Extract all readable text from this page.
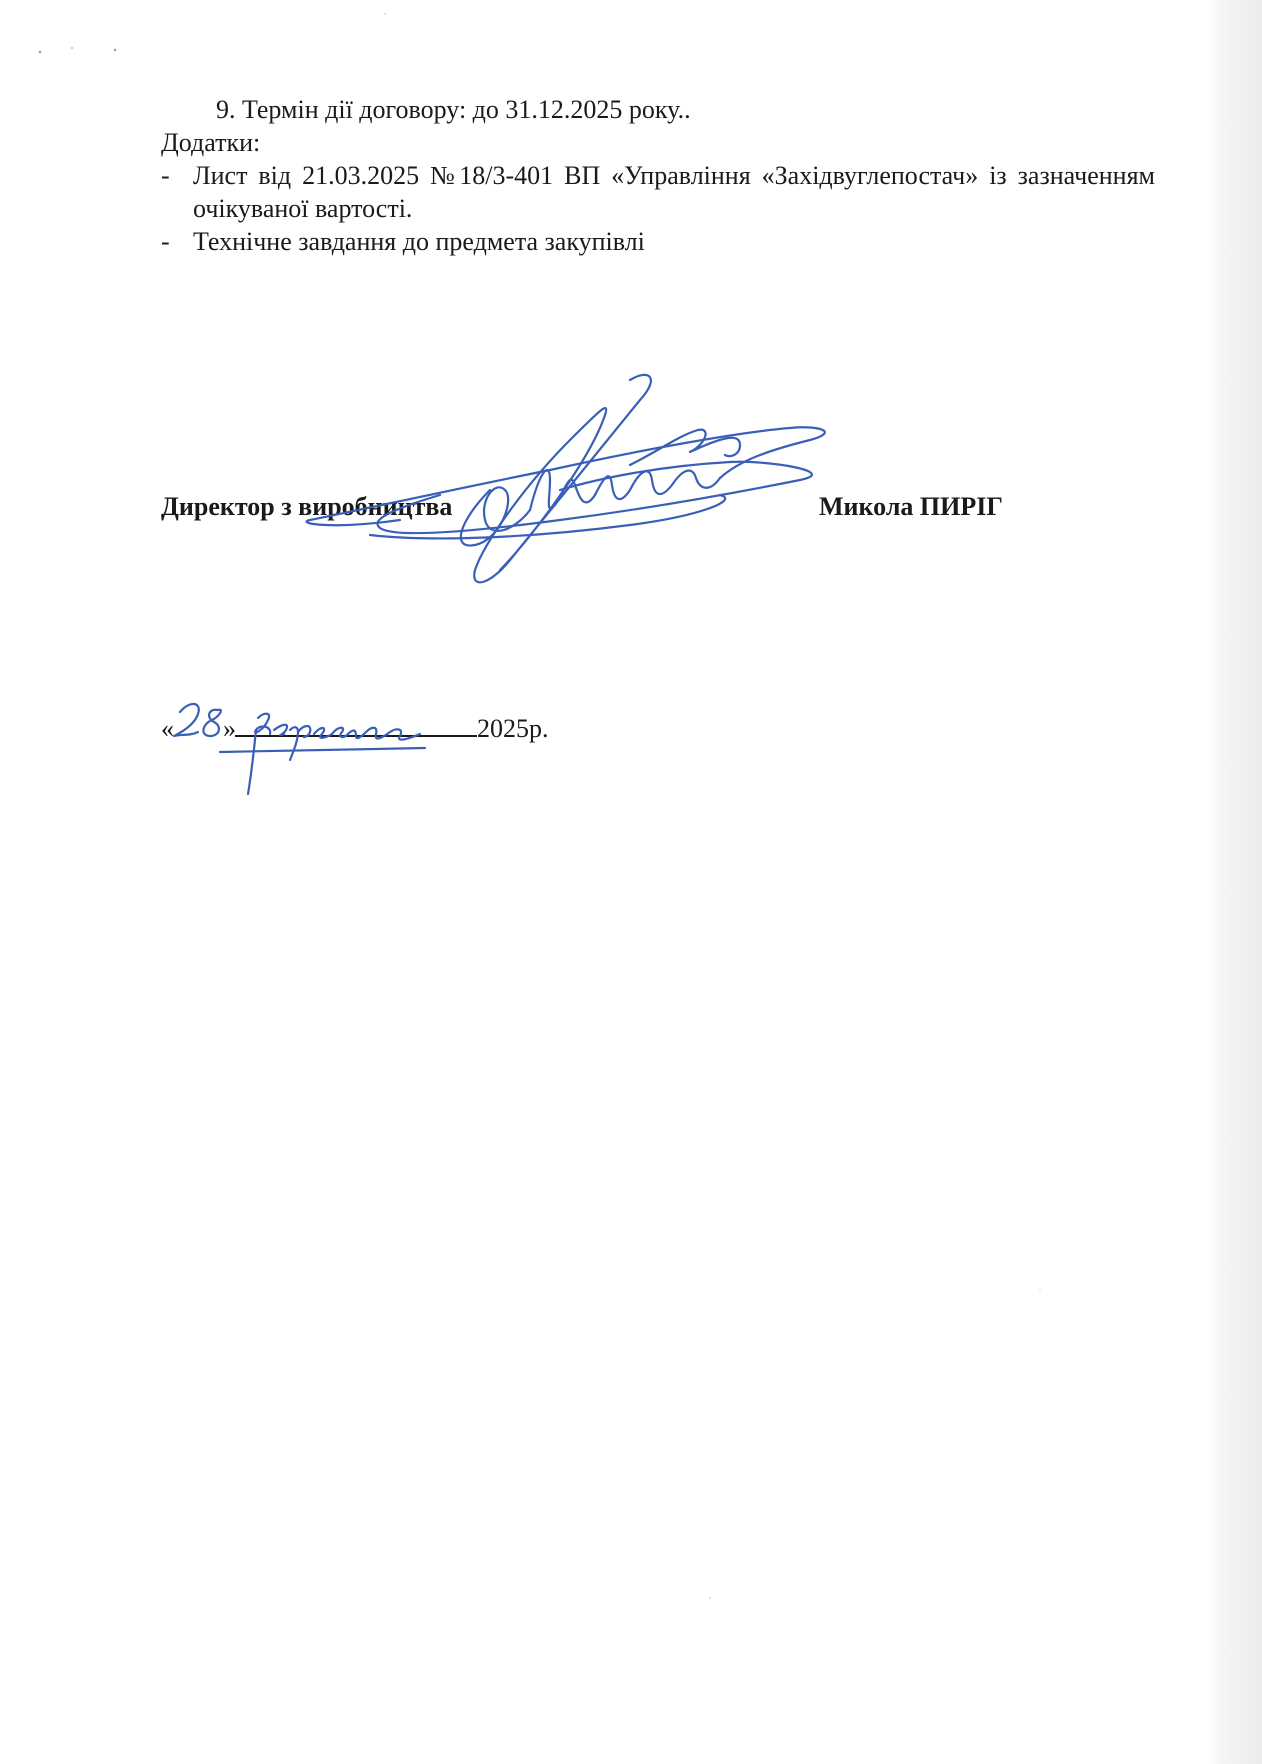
9. Термін дії договору: до 31.12.2025 року..

Додатки:

- Лист від 21.03.2025 №18/3-401 ВП «Управління «Західвуглепостач» із зазначенням очікуваної вартості.
- Технічне завдання до предмета закупівлі
Директор з виробництва	Микола ПИРІГ
« »	2025р.
